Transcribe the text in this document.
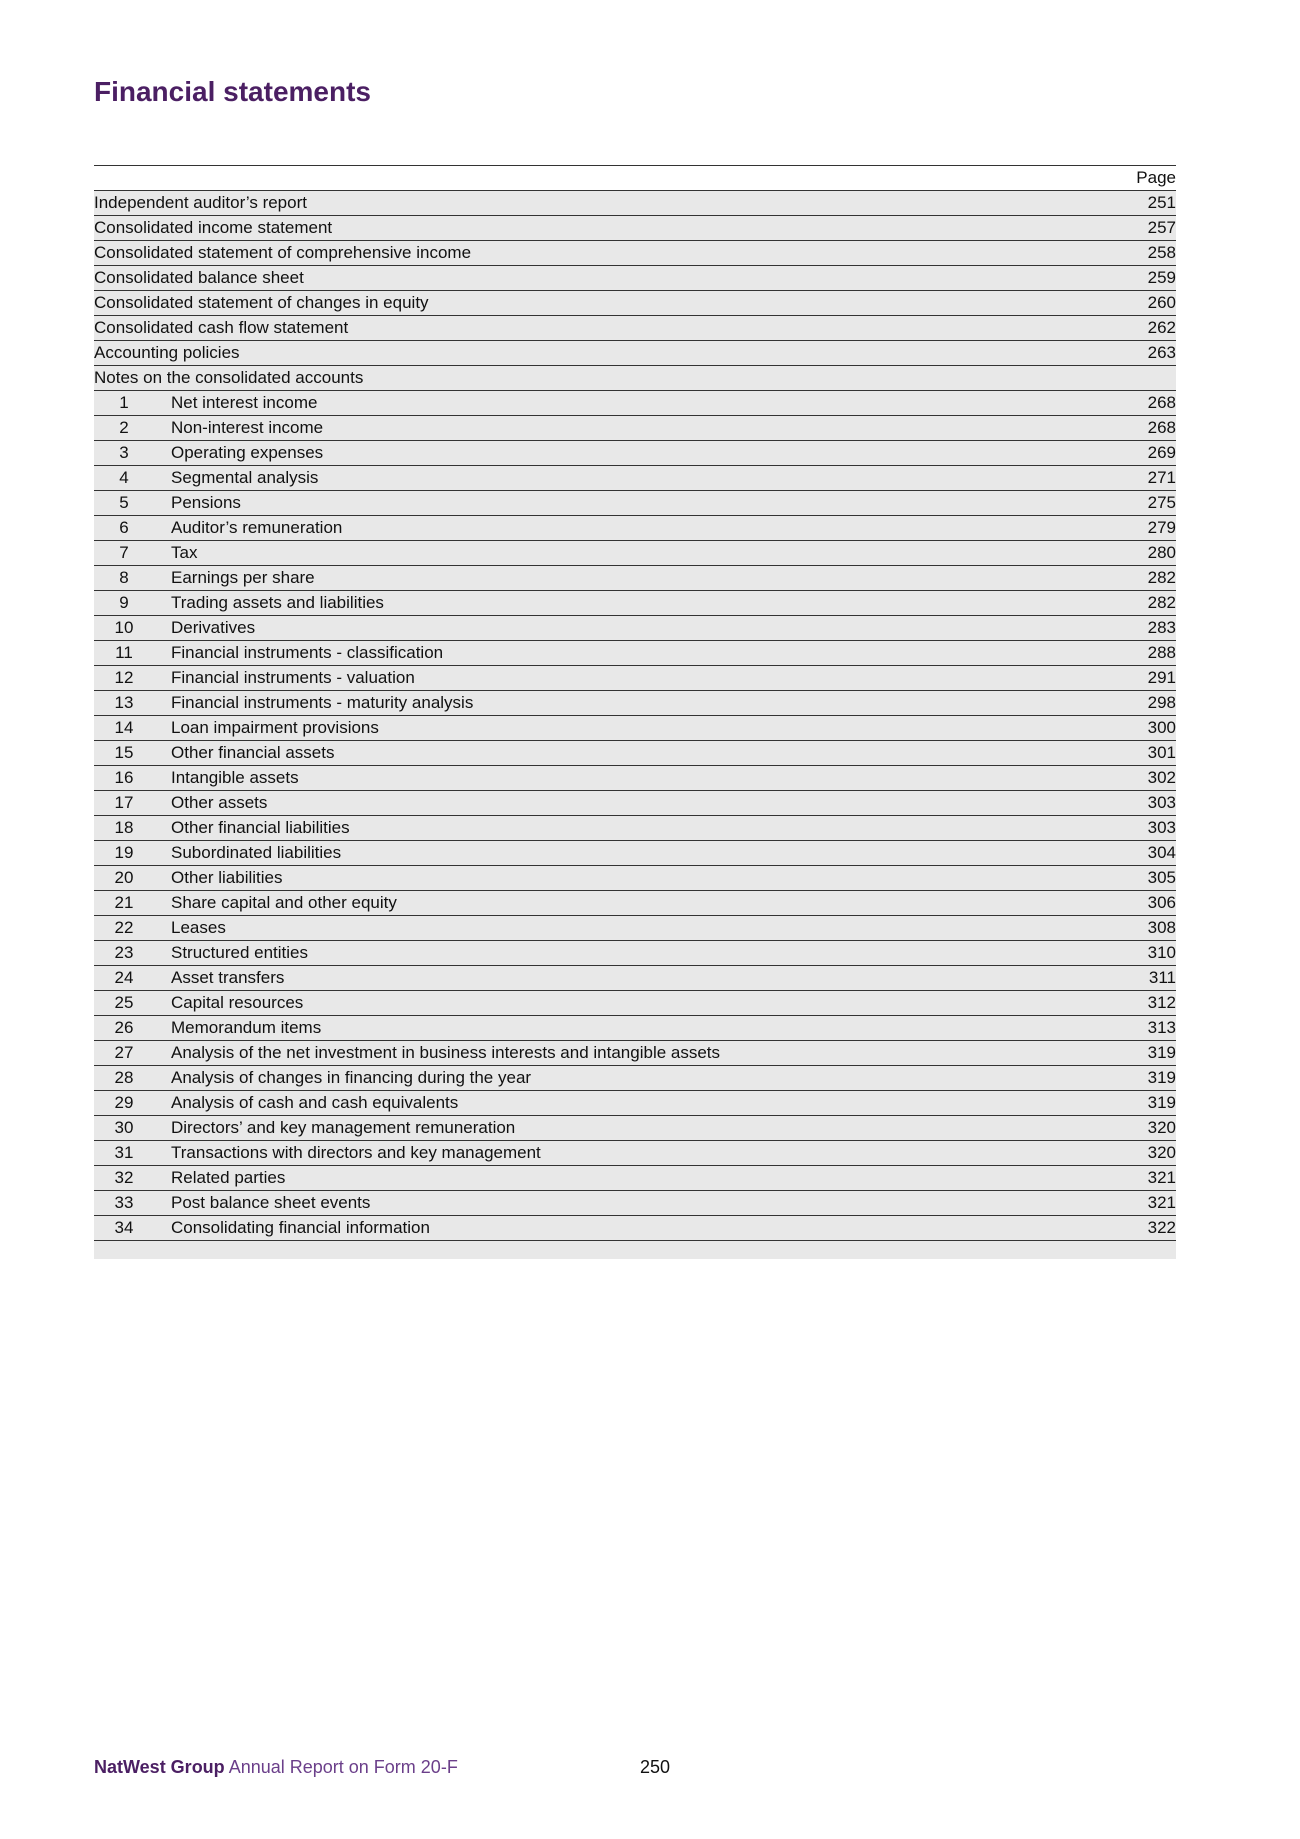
Financial statements
Page
Independent auditor’s report	251
Consolidated income statement	257
Consolidated statement of comprehensive income	258
Consolidated balance sheet	259
Consolidated statement of changes in equity	260
Consolidated cash flow statement	262
Accounting policies	263
Notes on the consolidated accounts
1	Net interest income	268
2	Non-interest income	268
3	Operating expenses	269
4	Segmental analysis	271
5	Pensions	275
6	Auditor’s remuneration	279
7	Tax	280
8	Earnings per share	282
9	Trading assets and liabilities	282
10	Derivatives	283
11	Financial instruments - classification	288
12	Financial instruments - valuation	291
13	Financial instruments - maturity analysis	298
14	Loan impairment provisions	300
15	Other financial assets	301
16	Intangible assets	302
17	Other assets	303
18	Other financial liabilities	303
19	Subordinated liabilities	304
20	Other liabilities	305
21	Share capital and other equity	306
22	Leases	308
23	Structured entities	310
24	Asset transfers	311
25	Capital resources	312
26	Memorandum items	313
27	Analysis of the net investment in business interests and intangible assets	319
28	Analysis of changes in financing during the year	319
29	Analysis of cash and cash equivalents	319
30	Directors’ and key management remuneration	320
31	Transactions with directors and key management	320
32	Related parties	321
33	Post balance sheet events	321
34	Consolidating financial information	322
NatWest Group Annual Report on Form 20-F	250
